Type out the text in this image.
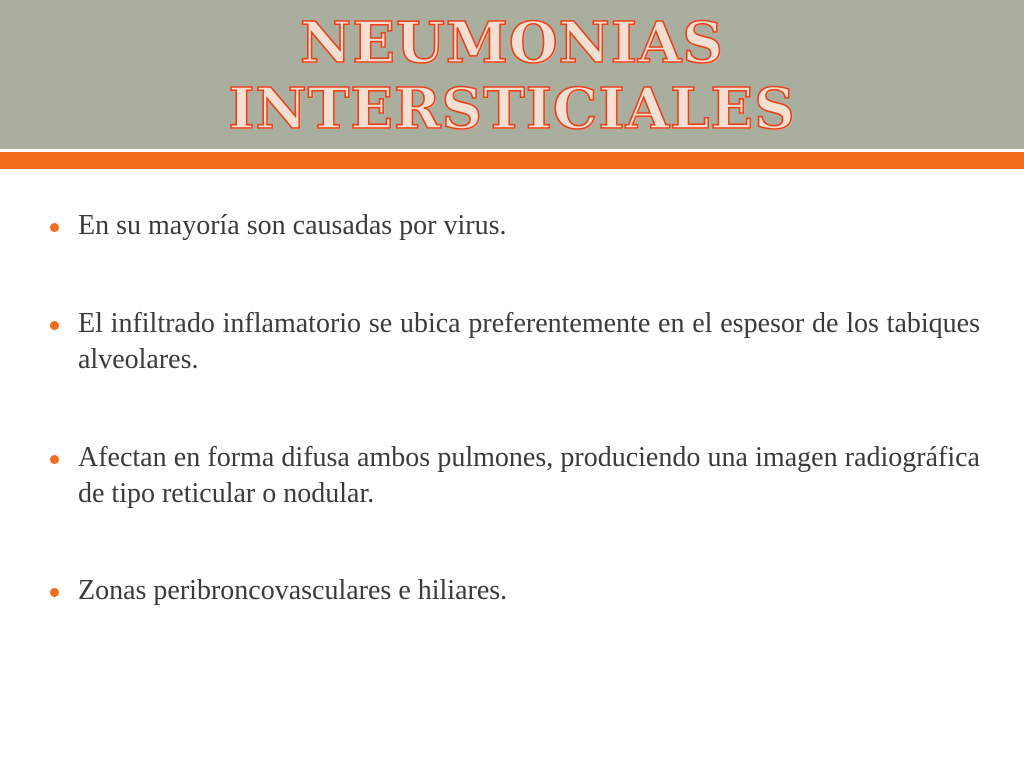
NEUMONIAS
INTERSTICIALES
En su mayoría son causadas por virus.
El infiltrado inflamatorio se ubica preferentemente en el espesor de los tabiques alveolares.
Afectan en forma difusa ambos pulmones, produciendo una imagen radiográfica de tipo reticular o nodular.
Zonas peribroncovasculares e hiliares.
